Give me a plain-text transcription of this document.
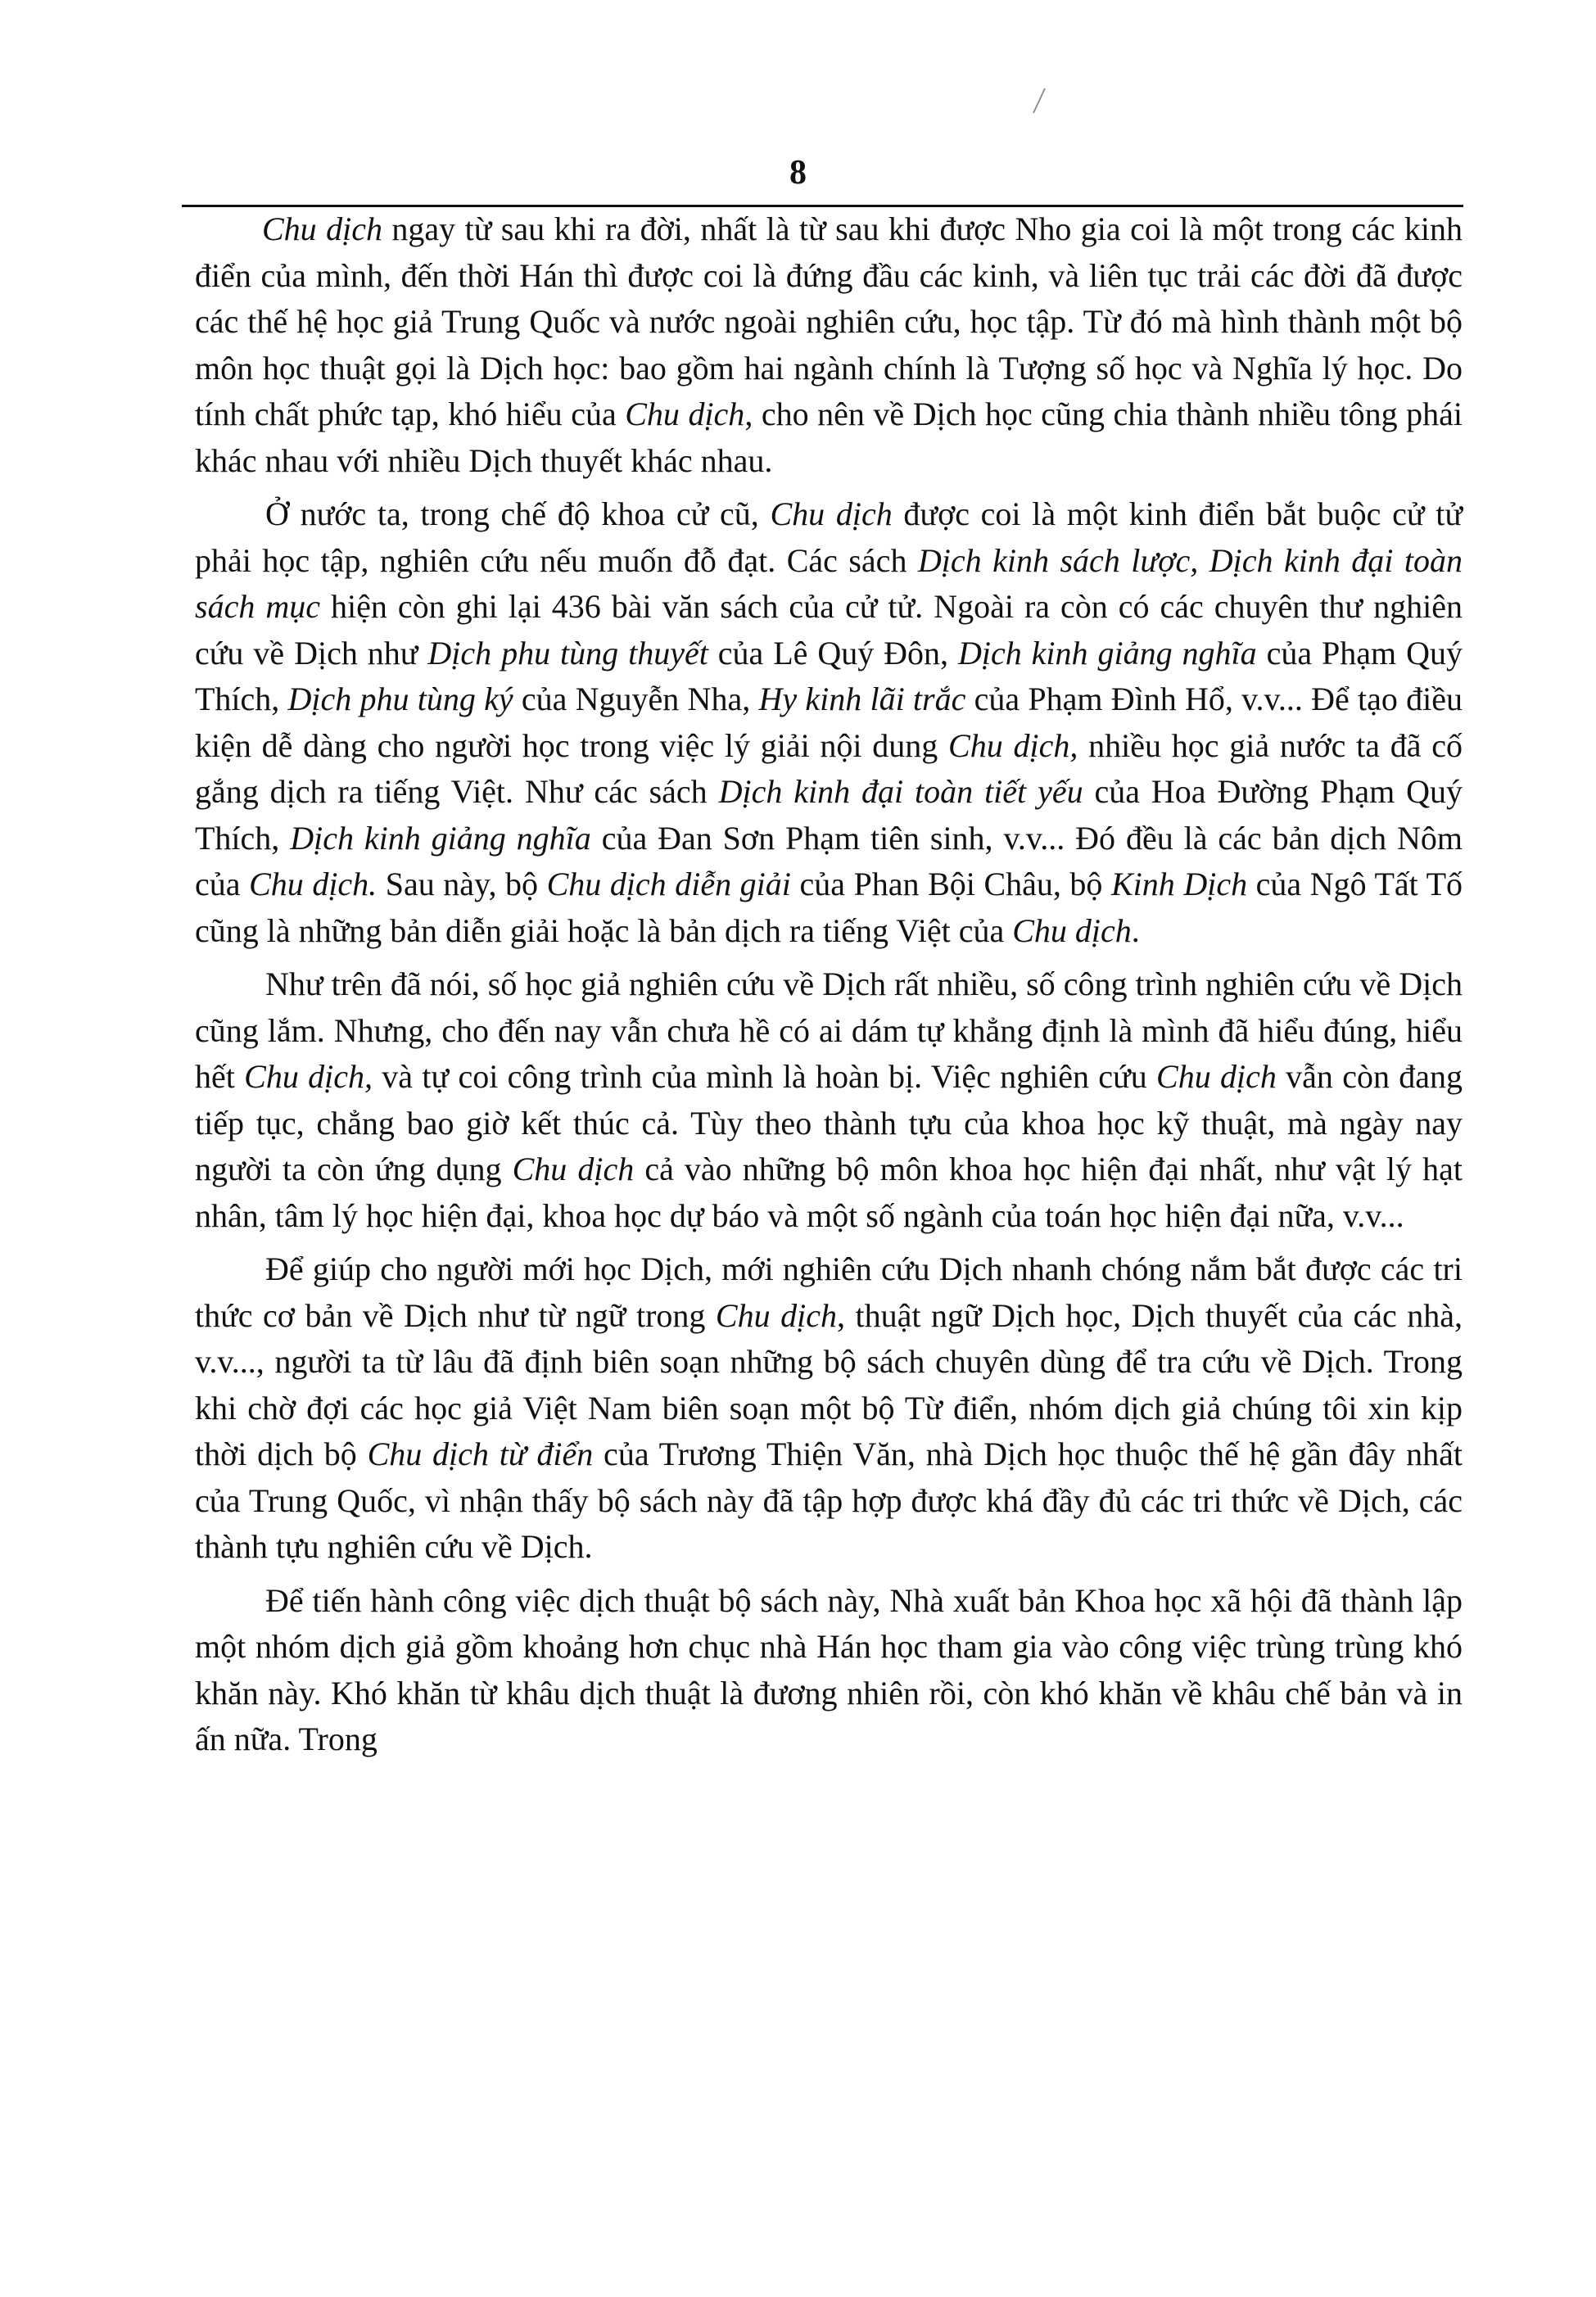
8

Chu dịch ngay từ sau khi ra đời, nhất là từ sau khi được Nho gia coi là một trong các kinh điển của mình, đến thời Hán thì được coi là đứng đầu các kinh, và liên tục trải các đời đã được các thế hệ học giả Trung Quốc và nước ngoài nghiên cứu, học tập. Từ đó mà hình thành một bộ môn học thuật gọi là Dịch học: bao gồm hai ngành chính là Tượng số học và Nghĩa lý học. Do tính chất phức tạp, khó hiểu của Chu dịch, cho nên về Dịch học cũng chia thành nhiều tông phái khác nhau với nhiều Dịch thuyết khác nhau.

Ở nước ta, trong chế độ khoa cử cũ, Chu dịch được coi là một kinh điển bắt buộc cử tử phải học tập, nghiên cứu nếu muốn đỗ đạt. Các sách Dịch kinh sách lược, Dịch kinh đại toàn sách mục hiện còn ghi lại 436 bài văn sách của cử tử. Ngoài ra còn có các chuyên thư nghiên cứu về Dịch như Dịch phu tùng thuyết của Lê Quý Đôn, Dịch kinh giảng nghĩa của Phạm Quý Thích, Dịch phu tùng ký của Nguyễn Nha, Hy kinh lãi trắc của Phạm Đình Hổ, v.v... Để tạo điều kiện dễ dàng cho người học trong việc lý giải nội dung Chu dịch, nhiều học giả nước ta đã cố gắng dịch ra tiếng Việt. Như các sách Dịch kinh đại toàn tiết yếu của Hoa Đường Phạm Quý Thích, Dịch kinh giảng nghĩa của Đan Sơn Phạm tiên sinh, v.v... Đó đều là các bản dịch Nôm của Chu dịch. Sau này, bộ Chu dịch diễn giải của Phan Bội Châu, bộ Kinh Dịch của Ngô Tất Tố cũng là những bản diễn giải hoặc là bản dịch ra tiếng Việt của Chu dịch.

Như trên đã nói, số học giả nghiên cứu về Dịch rất nhiều, số công trình nghiên cứu về Dịch cũng lắm. Nhưng, cho đến nay vẫn chưa hề có ai dám tự khẳng định là mình đã hiểu đúng, hiểu hết Chu dịch, và tự coi công trình của mình là hoàn bị. Việc nghiên cứu Chu dịch vẫn còn đang tiếp tục, chẳng bao giờ kết thúc cả. Tùy theo thành tựu của khoa học kỹ thuật, mà ngày nay người ta còn ứng dụng Chu dịch cả vào những bộ môn khoa học hiện đại nhất, như vật lý hạt nhân, tâm lý học hiện đại, khoa học dự báo và một số ngành của toán học hiện đại nữa, v.v...

Để giúp cho người mới học Dịch, mới nghiên cứu Dịch nhanh chóng nắm bắt được các tri thức cơ bản về Dịch như từ ngữ trong Chu dịch, thuật ngữ Dịch học, Dịch thuyết của các nhà, v.v..., người ta từ lâu đã định biên soạn những bộ sách chuyên dùng để tra cứu về Dịch. Trong khi chờ đợi các học giả Việt Nam biên soạn một bộ Từ điển, nhóm dịch giả chúng tôi xin kịp thời dịch bộ Chu dịch từ điển của Trương Thiện Văn, nhà Dịch học thuộc thế hệ gần đây nhất của Trung Quốc, vì nhận thấy bộ sách này đã tập hợp được khá đầy đủ các tri thức về Dịch, các thành tựu nghiên cứu về Dịch.

Để tiến hành công việc dịch thuật bộ sách này, Nhà xuất bản Khoa học xã hội đã thành lập một nhóm dịch giả gồm khoảng hơn chục nhà Hán học tham gia vào công việc trùng trùng khó khăn này. Khó khăn từ khâu dịch thuật là đương nhiên rồi, còn khó khăn về khâu chế bản và in ấn nữa. Trong
